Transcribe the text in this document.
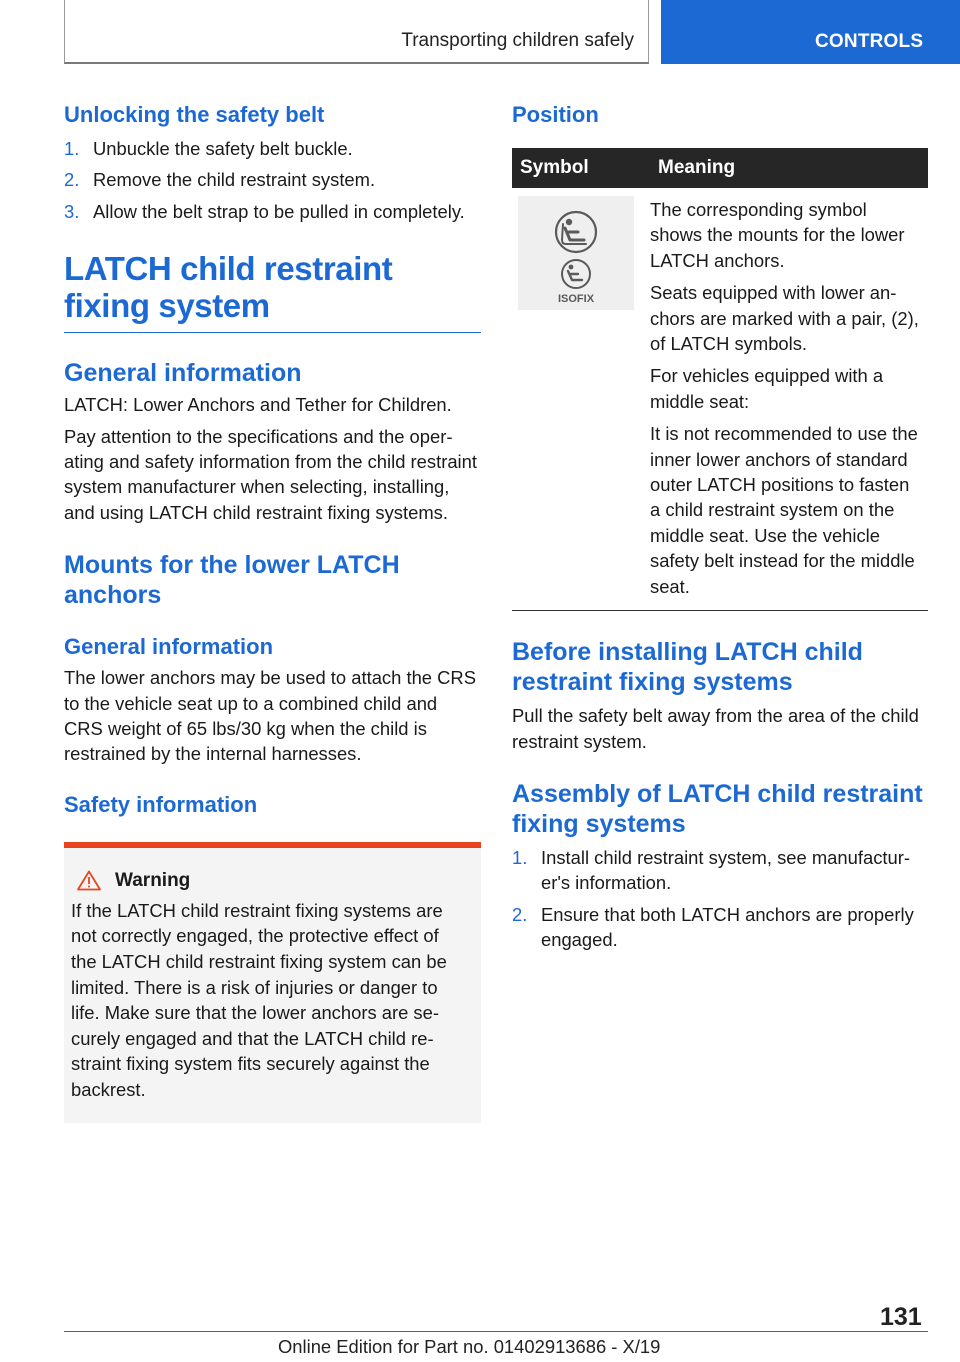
Transporting children safely	CONTROLS
Unlocking the safety belt
1. Unbuckle the safety belt buckle.
2. Remove the child restraint system.
3. Allow the belt strap to be pulled in completely.
LATCH child restraint fixing system
General information

LATCH: Lower Anchors and Tether for Children.

Pay attention to the specifications and the operating and safety information from the child restraint system manufacturer when selecting, installing, and using LATCH child restraint fixing systems.

Mounts for the lower LATCH anchors
General information

The lower anchors may be used to attach the CRS to the vehicle seat up to a combined child and CRS weight of 65 lbs/30 kg when the child is restrained by the internal harnesses.

Safety information
Warning

If the LATCH child restraint fixing systems are not correctly engaged, the protective effect of the LATCH child restraint fixing system can be limited. There is a risk of injuries or danger to life. Make sure that the lower anchors are securely engaged and that the LATCH child restraint fixing system fits securely against the backrest.

Position
Symbol	Meaning

ISOFIX	The corresponding symbol shows the mounts for the lower LATCH anchors.

Seats equipped with lower anchors are marked with a pair, (2), of LATCH symbols.

For vehicles equipped with a middle seat:

It is not recommended to use the inner lower anchors of standard outer LATCH positions to fasten a child restraint system on the middle seat. Use the vehicle safety belt instead for the middle seat.

Before installing LATCH child restraint fixing systems

Pull the safety belt away from the area of the child restraint system.

Assembly of LATCH child restraint fixing systems
1. Install child restraint system, see manufacturer's information.
2. Ensure that both LATCH anchors are properly engaged.
131
Online Edition for Part no. 01402913686 - X/19
